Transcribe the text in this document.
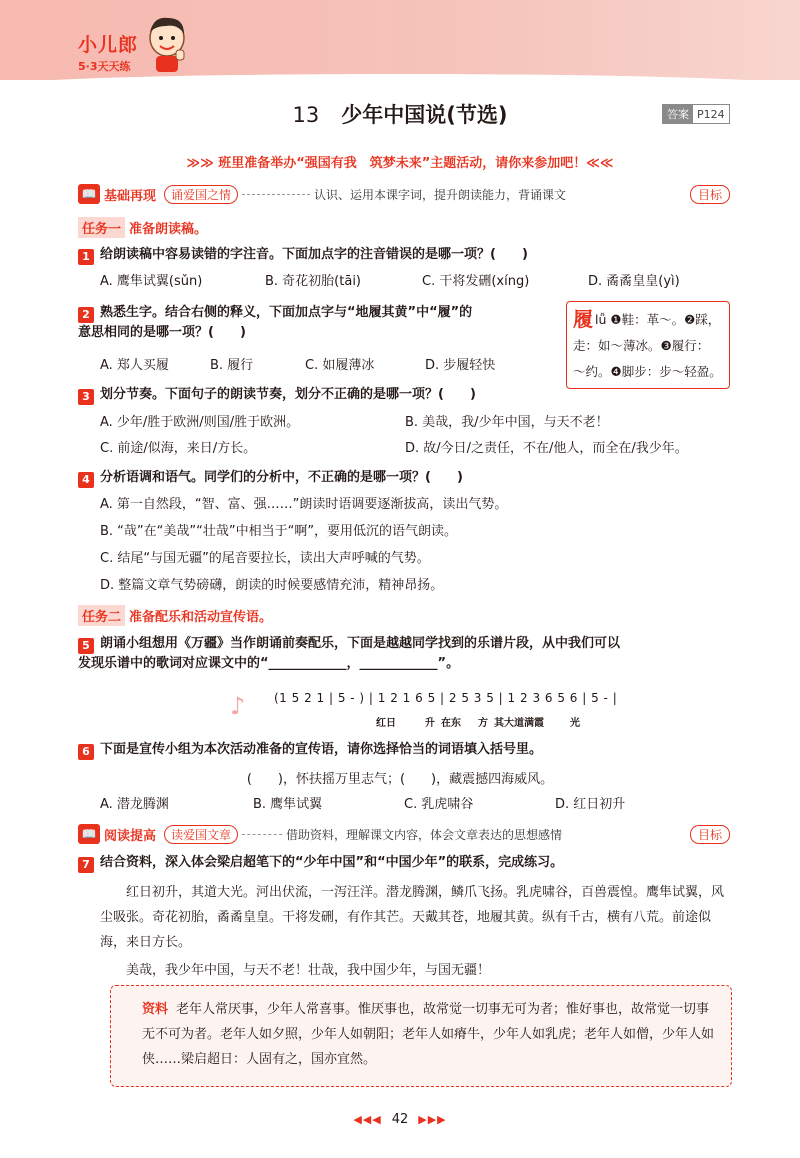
小儿郎
5·3天天练
13 少年中国说(节选)	答案 P124
≫≫ 班里准备举办“强国有我　筑梦未来”主题活动，请你来参加吧！≪≪
📖 基础再现	诵爱国之情	认识、运用本课字词，提升朗读能力，背诵课文	目标
任务一 准备朗读稿。
1 给朗读稿中容易读错的字注音。下面加点字的注音错误的是哪一项？(　　)
A. 鹰隼试翼(sǔn)	B. 奇花初胎(tāi)	C. 干将发硎(xíng)	D. 矞矞皇皇(yì)
2 熟悉生字。结合右侧的释义，下面加点字与“地履其黄”中“履”的
意思相同的是哪一项？(　　)
A. 郑人买履	B. 履行	C. 如履薄冰	D. 步履轻快
履lǚ ❶鞋：革～。❷踩，
走：如～薄冰。❸履行：
～约。❹脚步：步～轻盈。
3 划分节奏。下面句子的朗读节奏，划分不正确的是哪一项？(　　)
A. 少年/胜于欧洲/则国/胜于欧洲。	B. 美哉，我/少年中国，与天不老！
C. 前途/似海，来日/方长。	D. 故/今日/之责任，不在/他人，而全在/我少年。
4 分析语调和语气。同学们的分析中，不正确的是哪一项？(　　)
A. 第一自然段，“智、富、强……”朗读时语调要逐渐拔高，读出气势。
B. “哉”在“美哉”“壮哉”中相当于“啊”，要用低沉的语气朗读。
C. 结尾“与国无疆”的尾音要拉长，读出大声呼喊的气势。
D. 整篇文章气势磅礴，朗读的时候要感情充沛，精神昂扬。
任务二 准备配乐和活动宣传语。
5 朗诵小组想用《万疆》当作朗诵前奏配乐，下面是越越同学找到的乐谱片段，从中我们可以
发现乐谱中的歌词对应课文中的“____________，____________”。
♪	(1 5 2 1 | 5 - ) | 1 2 1 6 5 | 2 5 3 5 | 1 2 3 6 5 6 | 5 - |
红日	升 在东 方 其大道满霞	光
6 下面是宣传小组为本次活动准备的宣传语，请你选择恰当的词语填入括号里。
(　　)，怀扶摇万里志气；(　　)，藏震撼四海威风。
A. 潜龙腾渊	B. 鹰隼试翼	C. 乳虎啸谷	D. 红日初升
📖 阅读提高	读爱国文章	借助资料，理解课文内容，体会文章表达的思想感情	目标
7 结合资料，深入体会梁启超笔下的“少年中国”和“中国少年”的联系，完成练习。
红日初升，其道大光。河出伏流，一泻汪洋。潜龙腾渊，鳞爪飞扬。乳虎啸谷，百兽震惶。鹰隼试翼，风尘吸张。奇花初胎，矞矞皇皇。干将发硎，有作其芒。天戴其苍，地履其黄。纵有千古，横有八荒。前途似海，来日方长。
美哉，我少年中国，与天不老！壮哉，我中国少年，与国无疆！
资料 老年人常厌事，少年人常喜事。惟厌事也，故常觉一切事无可为者；惟好事也，故常觉一切事无不可为者。老年人如夕照，少年人如朝阳；老年人如瘠牛，少年人如乳虎；老年人如僧，少年人如侠……梁启超日：人固有之，国亦宜然。
◀◀◀ 42 ▶▶▶
